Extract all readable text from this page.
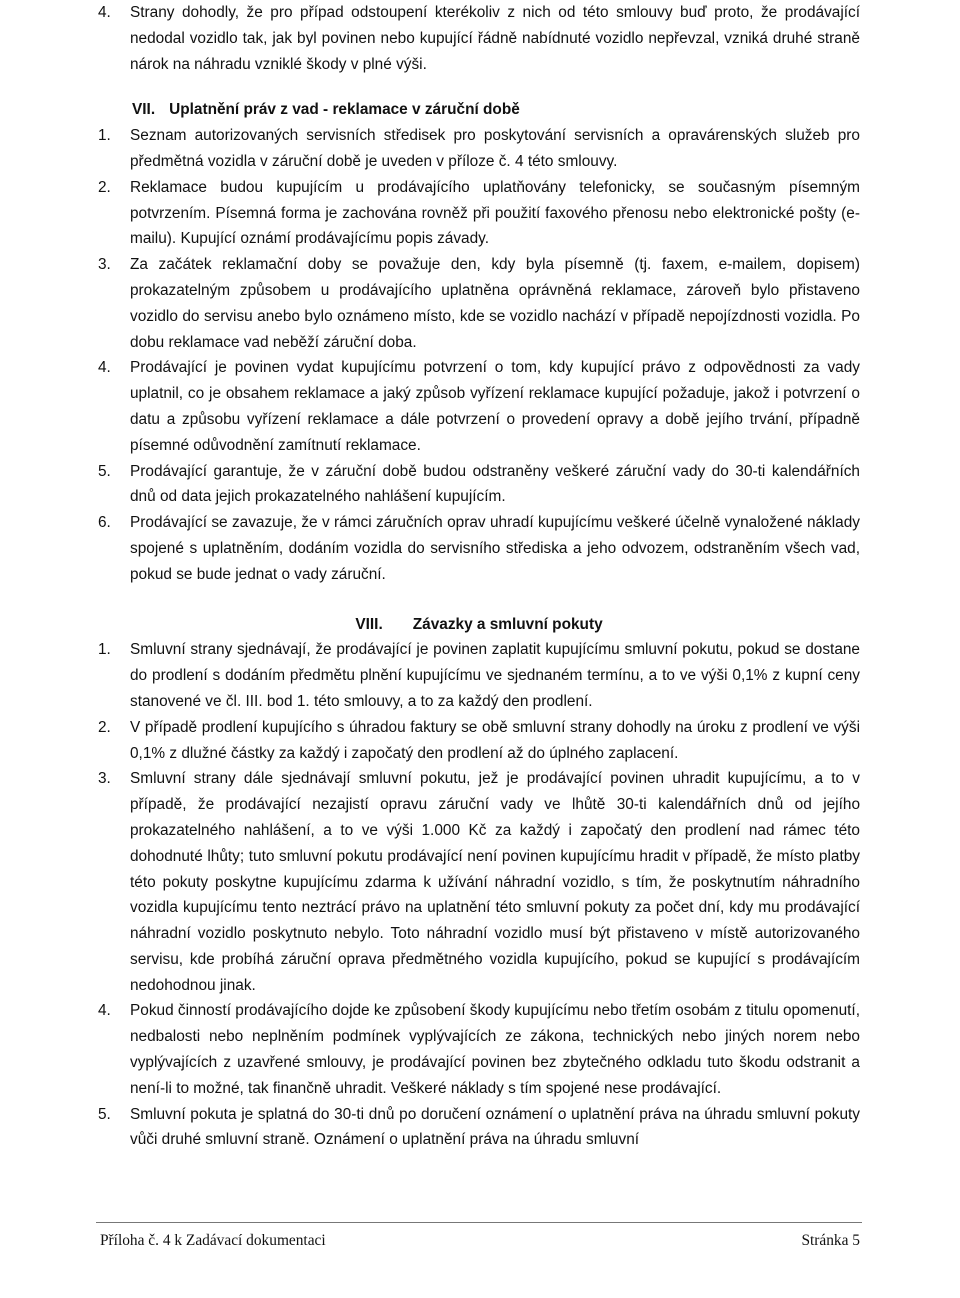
4. Strany dohodly, že pro případ odstoupení kterékoliv z nich od této smlouvy buď proto, že prodávající nedodal vozidlo tak, jak byl povinen nebo kupující řádně nabídnuté vozidlo nepřevzal, vzniká druhé straně nárok na náhradu vzniklé škody v plné výši.
VII. Uplatnění práv z vad - reklamace v záruční době
1. Seznam autorizovaných servisních středisek pro poskytování servisních a opravárenských služeb pro předmětná vozidla v záruční době je uveden v příloze č. 4 této smlouvy.
2. Reklamace budou kupujícím u prodávajícího uplatňovány telefonicky, se současným písemným potvrzením. Písemná forma je zachována rovněž při použití faxového přenosu nebo elektronické pošty (e-mailu). Kupující oznámí prodávajícímu popis závady.
3. Za začátek reklamační doby se považuje den, kdy byla písemně (tj. faxem, e-mailem, dopisem) prokazatelným způsobem u prodávajícího uplatněna oprávněná reklamace, zároveň bylo přistaveno vozidlo do servisu anebo bylo oznámeno místo, kde se vozidlo nachází v případě nepojízdnosti vozidla. Po dobu reklamace vad neběží záruční doba.
4. Prodávající je povinen vydat kupujícímu potvrzení o tom, kdy kupující právo z odpovědnosti za vady uplatnil, co je obsahem reklamace a jaký způsob vyřízení reklamace kupující požaduje, jakož i potvrzení o datu a způsobu vyřízení reklamace a dále potvrzení o provedení opravy a době jejího trvání, případně písemné odůvodnění zamítnutí reklamace.
5. Prodávající garantuje, že v záruční době budou odstraněny veškeré záruční vady do 30-ti kalendářních dnů od data jejich prokazatelného nahlášení kupujícím.
6. Prodávající se zavazuje, že v rámci záručních oprav uhradí kupujícímu veškeré účelně vynaložené náklady spojené s uplatněním, dodáním vozidla do servisního střediska a jeho odvozem, odstraněním všech vad, pokud se bude jednat o vady záruční.
VIII. Závazky a smluvní pokuty
1. Smluvní strany sjednávají, že prodávající je povinen zaplatit kupujícímu smluvní pokutu, pokud se dostane do prodlení s dodáním předmětu plnění kupujícímu ve sjednaném termínu, a to ve výši 0,1% z kupní ceny stanovené ve čl. III. bod 1. této smlouvy, a to za každý den prodlení.
2. V případě prodlení kupujícího s úhradou faktury se obě smluvní strany dohodly na úroku z prodlení ve výši 0,1% z dlužné částky za každý i započatý den prodlení až do úplného zaplacení.
3. Smluvní strany dále sjednávají smluvní pokutu, jež je prodávající povinen uhradit kupujícímu, a to v případě, že prodávající nezajistí opravu záruční vady ve lhůtě 30-ti kalendářních dnů od jejího prokazatelného nahlášení, a to ve výši 1.000 Kč za každý i započatý den prodlení nad rámec této dohodnuté lhůty; tuto smluvní pokutu prodávající není povinen kupujícímu hradit v případě, že místo platby této pokuty poskytne kupujícímu zdarma k užívání náhradní vozidlo, s tím, že poskytnutím náhradního vozidla kupujícímu tento neztrácí právo na uplatnění této smluvní pokuty za počet dní, kdy mu prodávající náhradní vozidlo poskytnuto nebylo. Toto náhradní vozidlo musí být přistaveno v místě autorizovaného servisu, kde probíhá záruční oprava předmětného vozidla kupujícího, pokud se kupující s prodávajícím nedohodnou jinak.
4. Pokud činností prodávajícího dojde ke způsobení škody kupujícímu nebo třetím osobám z titulu opomenutí, nedbalosti nebo neplněním podmínek vyplývajících ze zákona, technických nebo jiných norem nebo vyplývajících z uzavřené smlouvy, je prodávající povinen bez zbytečného odkladu tuto škodu odstranit a není-li to možné, tak finančně uhradit. Veškeré náklady s tím spojené nese prodávající.
5. Smluvní pokuta je splatná do 30-ti dnů po doručení oznámení o uplatnění práva na úhradu smluvní pokuty vůči druhé smluvní straně. Oznámení o uplatnění práva na úhradu smluvní
Příloha č. 4 k Zadávací dokumentaci	Stránka 5
